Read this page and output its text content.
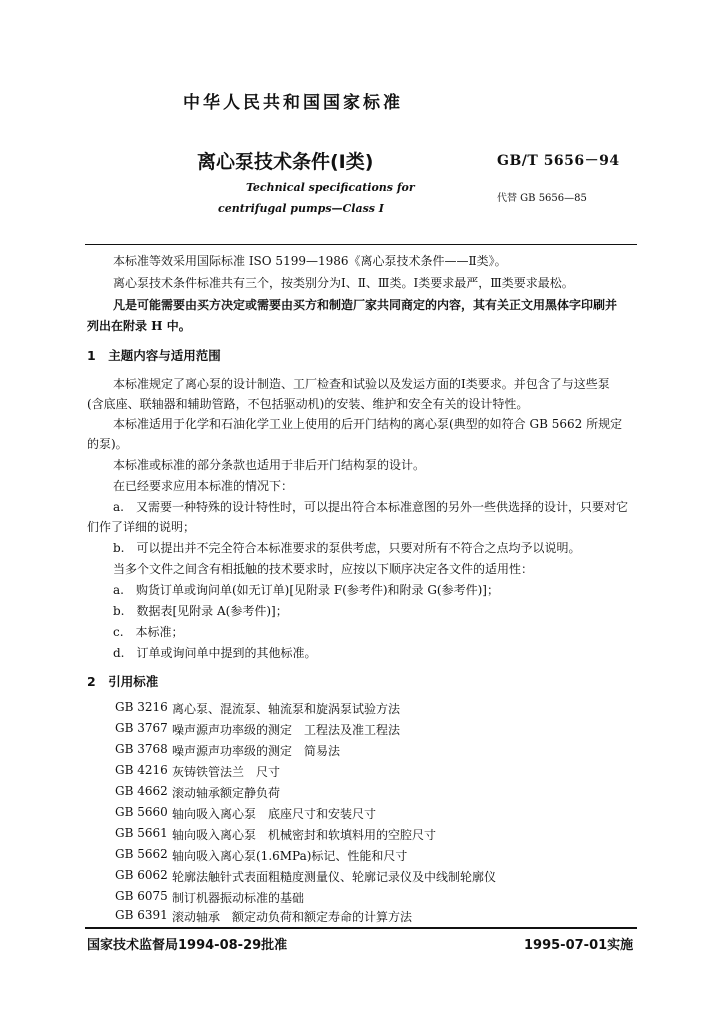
中华人民共和国国家标准
离心泵技术条件(Ⅰ类)	GB/T 5656－94
Technical specifications for
centrifugal pumps—Class Ⅰ
代替 GB 5656—85
本标准等效采用国际标准 ISO 5199—1986《离心泵技术条件——Ⅱ类》。
离心泵技术条件标准共有三个，按类别分为Ⅰ、Ⅱ、Ⅲ类。Ⅰ类要求最严，Ⅲ类要求最松。
凡是可能需要由买方决定或需要由买方和制造厂家共同商定的内容，其有关正文用黑体字印刷并
列出在附录 H 中。
1　主题内容与适用范围
本标准规定了离心泵的设计制造、工厂检查和试验以及发运方面的Ⅰ类要求。并包含了与这些泵
(含底座、联轴器和辅助管路，不包括驱动机)的安装、维护和安全有关的设计特性。
本标准适用于化学和石油化学工业上使用的后开门结构的离心泵(典型的如符合 GB 5662 所规定
的泵)。
本标准或标准的部分条款也适用于非后开门结构泵的设计。
在已经要求应用本标准的情况下：
a.　又需要一种特殊的设计特性时，可以提出符合本标准意图的另外一些供选择的设计，只要对它
们作了详细的说明；
b.　可以提出并不完全符合本标准要求的泵供考虑，只要对所有不符合之点均予以说明。
当多个文件之间含有相抵触的技术要求时，应按以下顺序决定各文件的适用性：
a.　购货订单或询问单(如无订单)[见附录 F(参考件)和附录 G(参考件)]；
b.　数据表[见附录 A(参考件)]；
c.　本标准；
d.　订单或询问单中提到的其他标准。
2　引用标准
GB 3216 离心泵、混流泵、轴流泵和旋涡泵试验方法
GB 3767 噪声源声功率级的测定　工程法及准工程法
GB 3768 噪声源声功率级的测定　简易法
GB 4216 灰铸铁管法兰　尺寸
GB 4662 滚动轴承额定静负荷
GB 5660 轴向吸入离心泵　底座尺寸和安装尺寸
GB 5661 轴向吸入离心泵　机械密封和软填料用的空腔尺寸
GB 5662 轴向吸入离心泵(1.6MPa)标记、性能和尺寸
GB 6062 轮廓法触针式表面粗糙度测量仪、轮廓记录仪及中线制轮廓仪
GB 6075 制订机器振动标准的基础
GB 6391 滚动轴承　额定动负荷和额定寿命的计算方法
国家技术监督局1994-08-29批准	1995-07-01实施
